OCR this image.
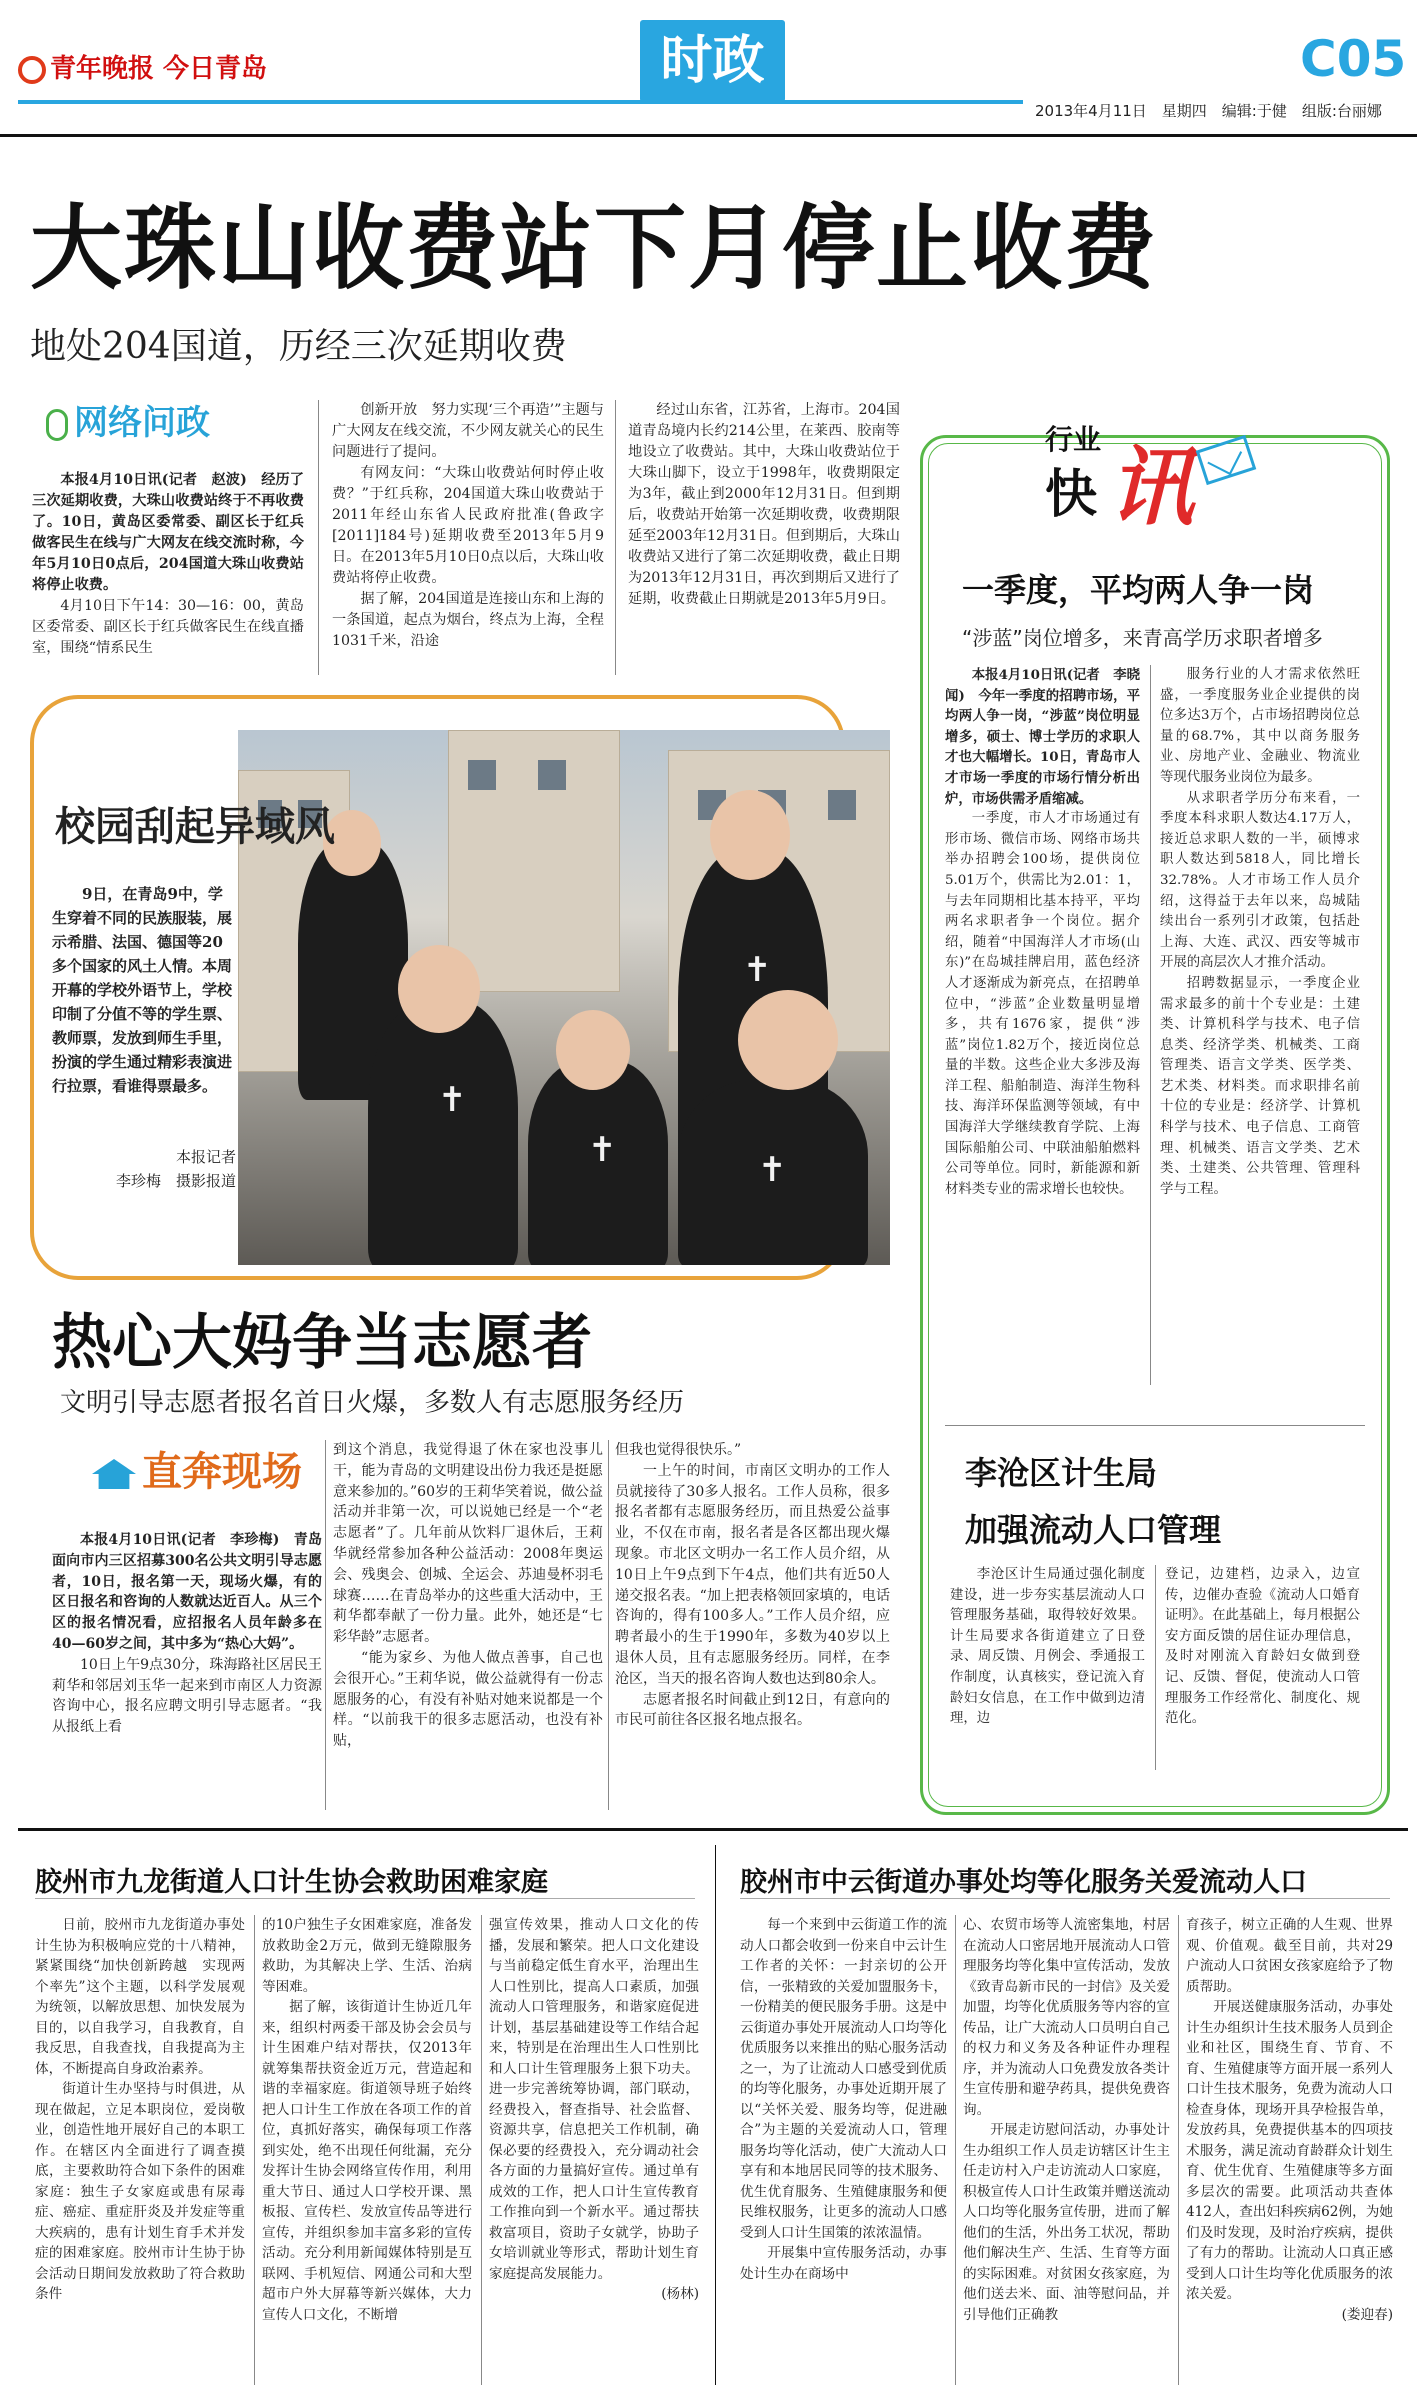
青年晚报 今日青岛	时政	C05
2013年4月11日　星期四　编辑:于健　组版:台丽娜
大珠山收费站下月停止收费
地处204国道，历经三次延期收费
网络问政

本报4月10日讯(记者　赵波)　经历了三次延期收费，大珠山收费站终于不再收费了。10日，黄岛区委常委、副区长于红兵做客民生在线与广大网友在线交流时称，今年5月10日0点后，204国道大珠山收费站将停止收费。

4月10日下午14：30—16：00，黄岛区委常委、副区长于红兵做客民生在线直播室，围绕“情系民生

创新开放　努力实现‘三个再造’”主题与广大网友在线交流，不少网友就关心的民生问题进行了提问。

有网友问：“大珠山收费站何时停止收费？”于红兵称，204国道大珠山收费站于2011年经山东省人民政府批准(鲁政字[2011]184号)延期收费至2013年5月9日。在2013年5月10日0点以后，大珠山收费站将停止收费。

据了解，204国道是连接山东和上海的一条国道，起点为烟台，终点为上海，全程1031千米，沿途

经过山东省，江苏省，上海市。204国道青岛境内长约214公里，在莱西、胶南等地设立了收费站。其中，大珠山收费站位于大珠山脚下，设立于1998年，收费期限定为3年，截止到2000年12月31日。但到期后，收费站开始第一次延期收费，收费期限延至2003年12月31日。但到期后，大珠山收费站又进行了第二次延期收费，截止日期为2013年12月31日，再次到期后又进行了延期，收费截止日期就是2013年5月9日。

✝
✝
✝	✝
校园刮起异域风
9日，在青岛9中，学生穿着不同的民族服装，展示希腊、法国、德国等20多个国家的风土人情。本周开幕的学校外语节上，学校印制了分值不等的学生票、教师票，发放到师生手里，扮演的学生通过精彩表演进行拉票，看谁得票最多。
本报记者
李珍梅　摄影报道
行业
快 讯
一季度，平均两人争一岗
“涉蓝”岗位增多，来青高学历求职者增多

本报4月10日讯(记者　李晓闻)　今年一季度的招聘市场，平均两人争一岗，“涉蓝”岗位明显增多，硕士、博士学历的求职人才也大幅增长。10日，青岛市人才市场一季度的市场行情分析出炉，市场供需矛盾缩减。

一季度，市人才市场通过有形市场、微信市场、网络市场共举办招聘会100场，提供岗位5.01万个，供需比为2.01：1，与去年同期相比基本持平，平均两名求职者争一个岗位。据介绍，随着“中国海洋人才市场(山东)”在岛城挂牌启用，蓝色经济人才逐渐成为新亮点，在招聘单位中，“涉蓝”企业数量明显增多，共有1676家，提供“涉蓝”岗位1.82万个，接近岗位总量的半数。这些企业大多涉及海洋工程、船舶制造、海洋生物科技、海洋环保监测等领域，有中国海洋大学继续教育学院、上海国际船舶公司、中联油船舶燃料公司等单位。同时，新能源和新材料类专业的需求增长也较快。

服务行业的人才需求依然旺盛，一季度服务业企业提供的岗位多达3万个，占市场招聘岗位总量的68.7%，其中以商务服务业、房地产业、金融业、物流业等现代服务业岗位为最多。

从求职者学历分布来看，一季度本科求职人数达4.17万人，接近总求职人数的一半，硕博求职人数达到5818人，同比增长32.78%。人才市场工作人员介绍，这得益于去年以来，岛城陆续出台一系列引才政策，包括赴上海、大连、武汉、西安等城市开展的高层次人才推介活动。

招聘数据显示，一季度企业需求最多的前十个专业是：土建类、计算机科学与技术、电子信息类、经济学类、机械类、工商管理类、语言文学类、医学类、艺术类、材料类。而求职排名前十位的专业是：经济学、计算机科学与技术、电子信息、工商管理、机械类、语言文学类、艺术类、土建类、公共管理、管理科学与工程。

李沧区计生局
加强流动人口管理

李沧区计生局通过强化制度建设，进一步夯实基层流动人口管理服务基础，取得较好效果。计生局要求各街道建立了日登录、周反馈、月例会、季通报工作制度，认真核实，登记流入育龄妇女信息，在工作中做到边清理，边

登记，边建档，边录入，边宣传，边催办查验《流动人口婚育证明》。在此基础上，每月根据公安方面反馈的居住证办理信息，及时对刚流入育龄妇女做到登记、反馈、督促，使流动人口管理服务工作经常化、制度化、规范化。

热心大妈争当志愿者
文明引导志愿者报名首日火爆，多数人有志愿服务经历
直奔现场

本报4月10日讯(记者　李珍梅)　青岛面向市内三区招募300名公共文明引导志愿者，10日，报名第一天，现场火爆，有的区日报名和咨询的人数就达近百人。从三个区的报名情况看，应招报名人员年龄多在40—60岁之间，其中多为“热心大妈”。

10日上午9点30分，珠海路社区居民王莉华和邻居刘玉华一起来到市南区人力资源咨询中心，报名应聘文明引导志愿者。“我从报纸上看

到这个消息，我觉得退了休在家也没事儿干，能为青岛的文明建设出份力我还是挺愿意来参加的。”60岁的王莉华笑着说，做公益活动并非第一次，可以说她已经是一个“老志愿者”了。几年前从饮料厂退休后，王莉华就经常参加各种公益活动：2008年奥运会、残奥会、创城、全运会、苏迪曼杯羽毛球赛……在青岛举办的这些重大活动中，王莉华都奉献了一份力量。此外，她还是“七彩华龄”志愿者。

“能为家乡、为他人做点善事，自己也会很开心。”王莉华说，做公益就得有一份志愿服务的心，有没有补贴对她来说都是一个样。“以前我干的很多志愿活动，也没有补贴，

但我也觉得很快乐。”

一上午的时间，市南区文明办的工作人员就接待了30多人报名。工作人员称，很多报名者都有志愿服务经历，而且热爱公益事业，不仅在市南，报名者是各区都出现火爆现象。市北区文明办一名工作人员介绍，从10日上午9点到下午4点，他们共有近50人递交报名表。“加上把表格领回家填的，电话咨询的，得有100多人。”工作人员介绍，应聘者最小的生于1990年，多数为40岁以上退休人员，且有志愿服务经历。同样，在李沧区，当天的报名咨询人数也达到80余人。

志愿者报名时间截止到12日，有意向的市民可前往各区报名地点报名。

胶州市九龙街道人口计生协会救助困难家庭

日前，胶州市九龙街道办事处计生协为积极响应党的十八精神，紧紧围绕“加快创新跨越　实现两个率先”这个主题，以科学发展观为统领，以解放思想、加快发展为目的，以自我学习，自我教育，自我反思，自我查找，自我提高为主体，不断提高自身政治素养。

街道计生办坚持与时俱进，从现在做起，立足本职岗位，爱岗敬业，创造性地开展好自己的本职工作。在辖区内全面进行了调查摸底，主要救助符合如下条件的困难家庭：独生子女家庭或患有尿毒症、癌症、重症肝炎及并发症等重大疾病的，患有计划生育手术并发症的困难家庭。胶州市计生协于协会活动日期间发放救助了符合救助条件

的10户独生子女困难家庭，准备发放救助金2万元，做到无缝隙服务救助，为其解决上学、生活、治病等困难。

据了解，该街道计生协近几年来，组织村两委干部及协会会员与计生困难户结对帮扶，仅2013年就筹集帮扶资金近万元，营造起和谐的幸福家庭。街道领导班子始终把人口计生工作放在各项工作的首位，真抓好落实，确保每项工作落到实处，绝不出现任何纰漏，充分发挥计生协会网络宣传作用，利用重大节日、通过人口学校开课、黑板报、宣传栏、发放宣传品等进行宣传，并组织参加丰富多彩的宣传活动。充分利用新闻媒体特别是互联网、手机短信、网通公司和大型超市户外大屏幕等新兴媒体，大力宣传人口文化，不断增

强宣传效果，推动人口文化的传播，发展和繁荣。把人口文化建设与当前稳定低生育水平，治理出生人口性别比，提高人口素质，加强流动人口管理服务，和谐家庭促进计划，基层基础建设等工作结合起来，特别是在治理出生人口性别比和人口计生管理服务上狠下功夫。进一步完善统筹协调，部门联动，经费投入，督查指导、社会监督、资源共享，信息把关工作机制，确保必要的经费投入，充分调动社会各方面的力量搞好宣传。通过单有成效的工作，把人口计生宣传教育工作推向到一个新水平。通过帮扶救富项目，资助子女就学，协助子女培训就业等形式，帮助计划生育家庭提高发展能力。

(杨林)

胶州市中云街道办事处均等化服务关爱流动人口

每一个来到中云街道工作的流动人口都会收到一份来自中云计生工作者的关怀：一封亲切的公开信，一张精致的关爱加盟服务卡，一份精美的便民服务手册。这是中云街道办事处开展流动人口均等化优质服务以来推出的贴心服务活动之一，为了让流动人口感受到优质的均等化服务，办事处近期开展了以“关怀关爱、服务均等，促进融合”为主题的关爱流动人口，管理服务均等化活动，使广大流动人口享有和本地居民同等的技术服务、优生优育服务、生殖健康服务和便民维权服务，让更多的流动人口感受到人口计生国策的浓浓温情。

开展集中宣传服务活动，办事处计生办在商场中

心、农贸市场等人流密集地，村居在流动人口密居地开展流动人口管理服务均等化集中宣传活动，发放《致青岛新市民的一封信》及关爱加盟，均等化优质服务等内容的宣传品，让广大流动人口员明白自己的权力和义务及各种证件办理程序，并为流动人口免费发放各类计生宣传册和避孕药具，提供免费咨询。

开展走访慰问活动，办事处计生办组织工作人员走访辖区计生主任走访村入户走访流动人口家庭，积极宣传人口计生政策并赠送流动人口均等化服务宣传册，进而了解他们的生活，外出务工状况，帮助他们解决生产、生活、生育等方面的实际困难。对贫困女孩家庭，为他们送去米、面、油等慰问品，并引导他们正确教

育孩子，树立正确的人生观、世界观、价值观。截至目前，共对29户流动人口贫困女孩家庭给予了物质帮助。

开展送健康服务活动，办事处计生办组织计生技术服务人员到企业和社区，围绕生育、节育、不育、生殖健康等方面开展一系列人口计生技术服务，免费为流动人口检查身体，现场开具孕检报告单，发放药具，免费提供基本的四项技术服务，满足流动育龄群众计划生育、优生优育、生殖健康等多方面多层次的需要。此项活动共查体412人，查出妇科疾病62例，为她们及时发现，及时治疗疾病，提供了有力的帮助。让流动人口真正感受到人口计生均等化优质服务的浓浓关爱。

(娄迎春)
